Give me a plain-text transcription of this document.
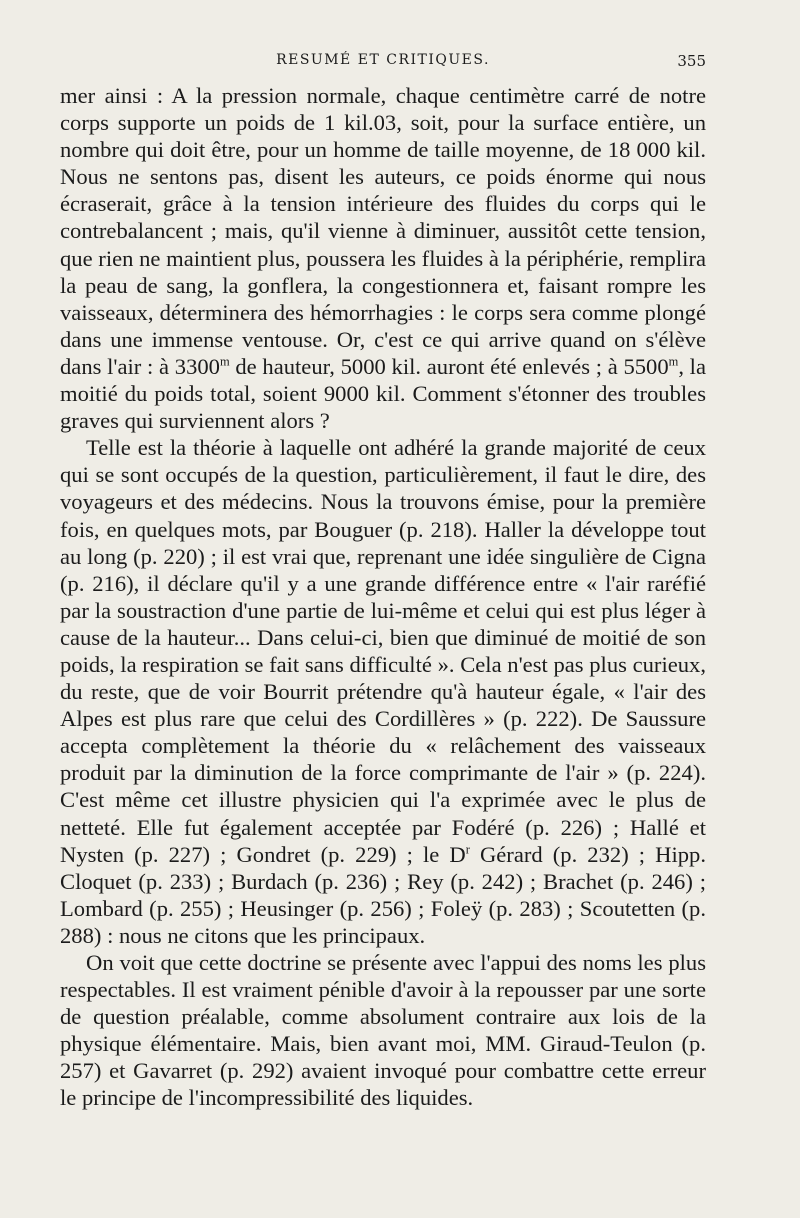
RESUMÉ ET CRITIQUES.	355

mer ainsi : A la pression normale, chaque centimètre carré de notre corps supporte un poids de 1 kil.03, soit, pour la surface entière, un nombre qui doit être, pour un homme de taille moyenne, de 18 000 kil. Nous ne sentons pas, disent les auteurs, ce poids énorme qui nous écraserait, grâce à la tension intérieure des fluides du corps qui le contrebalancent ; mais, qu'il vienne à diminuer, aussitôt cette tension, que rien ne maintient plus, poussera les fluides à la périphérie, remplira la peau de sang, la gonflera, la congestionnera et, faisant rompre les vaisseaux, déterminera des hémorrhagies : le corps sera comme plongé dans une immense ventouse. Or, c'est ce qui arrive quand on s'élève dans l'air : à 3300$^m$ de hauteur, 5000 kil. auront été enlevés ; à 5500$^m$, la moitié du poids total, soient 9000 kil. Comment s'étonner des troubles graves qui surviennent alors ?

Telle est la théorie à laquelle ont adhéré la grande majorité de ceux qui se sont occupés de la question, particulièrement, il faut le dire, des voyageurs et des médecins. Nous la trouvons émise, pour la première fois, en quelques mots, par Bouguer (p. 218). Haller la développe tout au long (p. 220) ; il est vrai que, reprenant une idée singulière de Cigna (p. 216), il déclare qu'il y a une grande différence entre « l'air raréfié par la soustraction d'une partie de lui-même et celui qui est plus léger à cause de la hauteur... Dans celui-ci, bien que diminué de moitié de son poids, la respiration se fait sans difficulté ». Cela n'est pas plus curieux, du reste, que de voir Bourrit prétendre qu'à hauteur égale, « l'air des Alpes est plus rare que celui des Cordillères » (p. 222). De Saussure accepta complètement la théorie du « relâchement des vaisseaux produit par la diminution de la force comprimante de l'air » (p. 224). C'est même cet illustre physicien qui l'a exprimée avec le plus de netteté. Elle fut également acceptée par Fodéré (p. 226) ; Hallé et Nysten (p. 227) ; Gondret (p. 229) ; le $D^r$ Gérard (p. 232) ; Hipp. Cloquet (p. 233) ; Burdach (p. 236) ; Rey (p. 242) ; Brachet (p. 246) ; Lombard (p. 255) ; Heusinger (p. 256) ; Foleÿ (p. 283) ; Scoutetten (p. 288) : nous ne citons que les principaux.

On voit que cette doctrine se présente avec l'appui des noms les plus respectables. Il est vraiment pénible d'avoir à la repousser par une sorte de question préalable, comme absolument contraire aux lois de la physique élémentaire. Mais, bien avant moi, MM. Giraud-Teulon (p. 257) et Gavarret (p. 292) avaient invoqué pour combattre cette erreur le principe de l'incompressibilité des liquides.
